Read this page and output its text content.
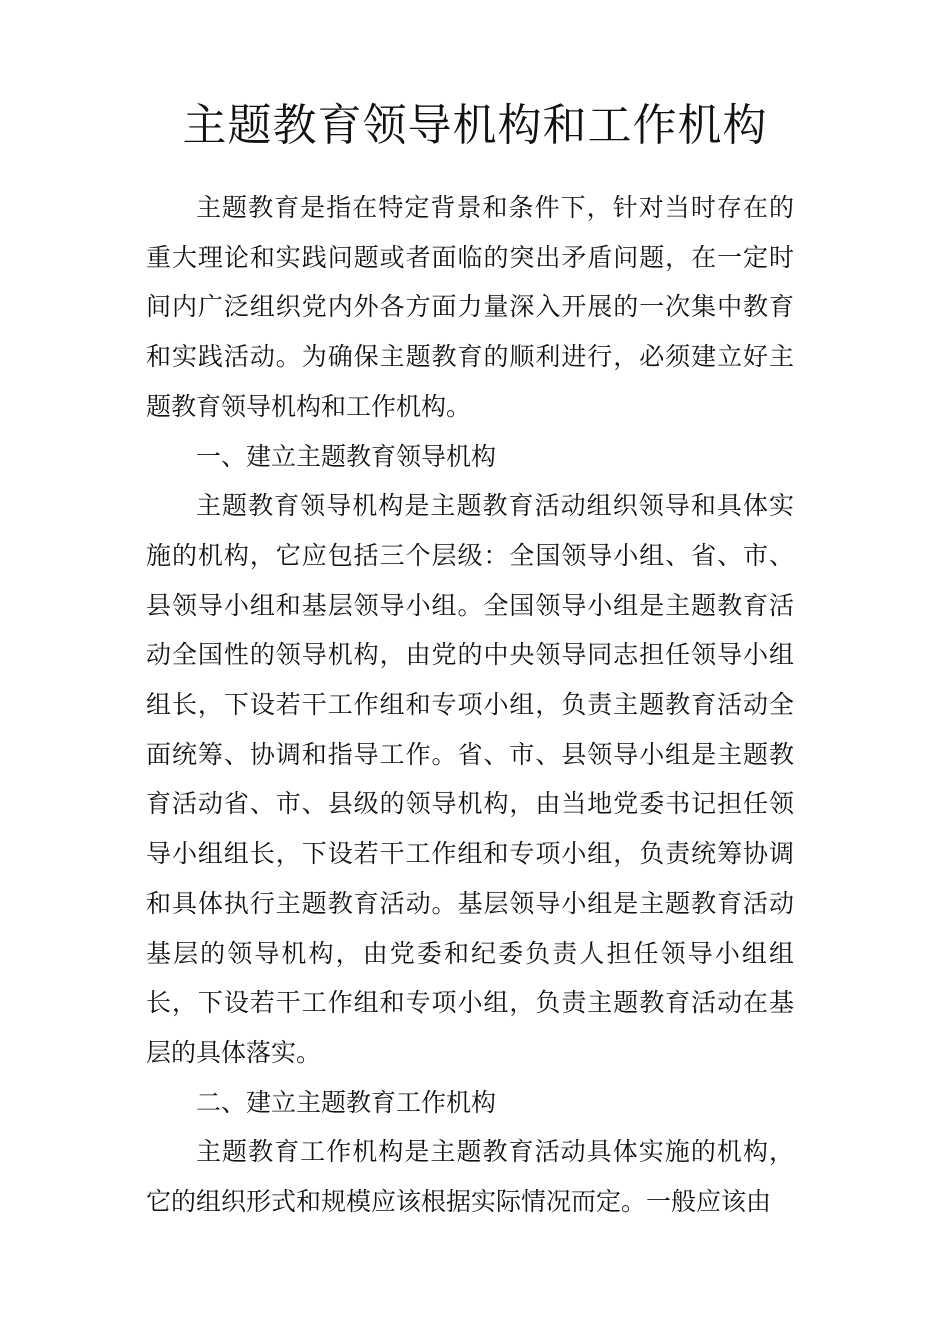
主题教育领导机构和工作机构

主题教育是指在特定背景和条件下，针对当时存在的重大理论和实践问题或者面临的突出矛盾问题，在一定时间内广泛组织党内外各方面力量深入开展的一次集中教育和实践活动。为确保主题教育的顺利进行，必须建立好主题教育领导机构和工作机构。

一、建立主题教育领导机构

主题教育领导机构是主题教育活动组织领导和具体实施的机构，它应包括三个层级：全国领导小组、省、市、县领导小组和基层领导小组。全国领导小组是主题教育活动全国性的领导机构，由党的中央领导同志担任领导小组组长，下设若干工作组和专项小组，负责主题教育活动全面统筹、协调和指导工作。省、市、县领导小组是主题教育活动省、市、县级的领导机构，由当地党委书记担任领导小组组长，下设若干工作组和专项小组，负责统筹协调和具体执行主题教育活动。基层领导小组是主题教育活动基层的领导机构，由党委和纪委负责人担任领导小组组长，下设若干工作组和专项小组，负责主题教育活动在基层的具体落实。

二、建立主题教育工作机构

主题教育工作机构是主题教育活动具体实施的机构，它的组织形式和规模应该根据实际情况而定。一般应该由
